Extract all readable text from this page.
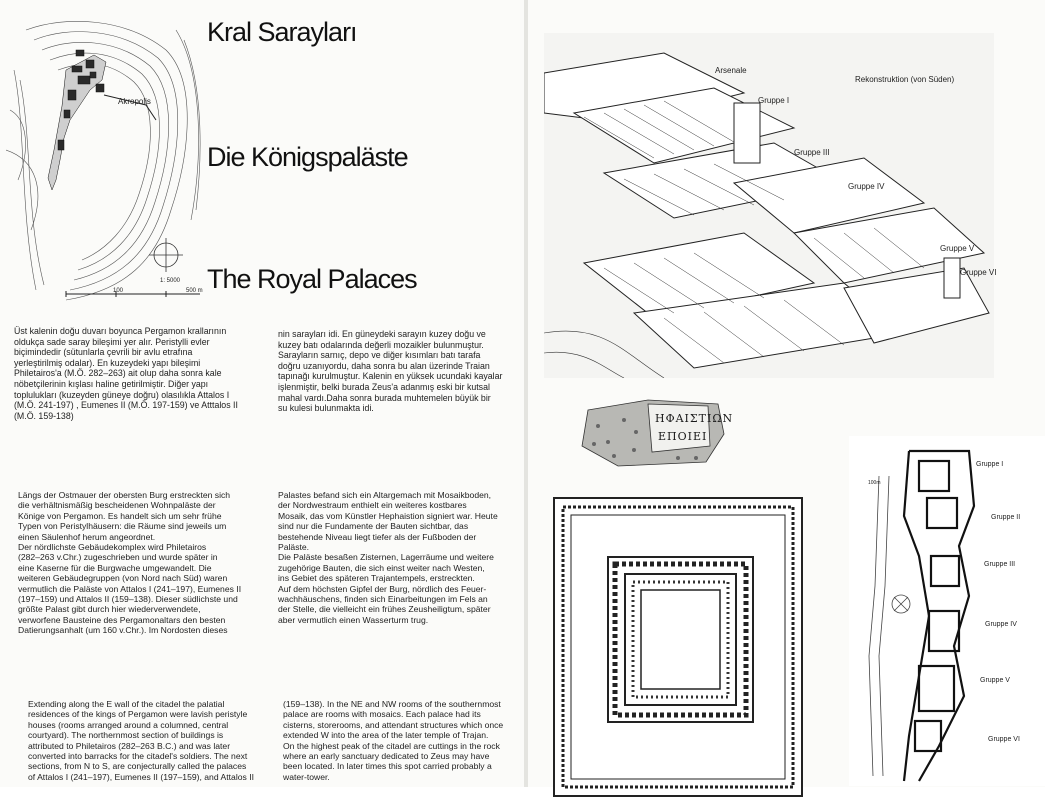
Akropolis
1: 5000
100	500 m
Kral Sarayları
Die Königspaläste
The Royal Palaces

Üst kalenin doğu duvarı boyunca Pergamon krallarının
oldukça sade saray bileşimi yer alır. Peristylli evler
biçimindedir (sütunlarla çevrili bir avlu etrafına
yerleştirilmiş odalar). En kuzeydeki yapı bileşimi
Philetairos'a (M.Ö. 282–263) ait olup daha sonra kale
nöbetçilerinin kışlası haline getirilmiştir. Diğer yapı
toplulukları (kuzeyden güneye doğru) olasılıkla Attalos I
(M.Ö. 241-197) , Eumenes II (M.Ö. 197-159) ve Atttalos II
(M.Ö. 159-138)

nin sarayları idi. En güneydeki sarayın kuzey doğu ve
kuzey batı odalarında değerli mozaikler bulunmuştur.
Sarayların sarnıç, depo ve diğer kısımları batı tarafa
doğru uzanıyordu, daha sonra bu alan üzerinde Traian
tapınağı kurulmuştur. Kalenin en yüksek ucundaki kayalar
işlenmiştir, belki burada Zeus'a adanmış eski bir kutsal
mahal vardı.Daha sonra burada muhtemelen büyük bir
su kulesi bulunmakta idi.

Längs der Ostmauer der obersten Burg erstreckten sich
die verhältnismäßig bescheidenen Wohnpaläste der
Könige von Pergamon. Es handelt sich um sehr frühe
Typen von Peristylhäusern: die Räume sind jeweils um
einen Säulenhof herum angeordnet.
Der nördlichste Gebäudekomplex wird Philetairos
(282–263 v.Chr.) zugeschrieben und wurde später in
eine Kaserne für die Burgwache umgewandelt. Die
weiteren Gebäudegruppen (von Nord nach Süd) waren
vermutlich die Paläste von Attalos I (241–197), Eumenes II
(197–159) und Attalos II (159–138). Dieser südlichste und
größte Palast gibt durch hier wiederverwendete,
verworfene Bausteine des Pergamonaltars den besten
Datierungsanhalt (um 160 v.Chr.). Im Nordosten dieses

Palastes befand sich ein Altargemach mit Mosaikboden,
der Nordwestraum enthielt ein weiteres kostbares
Mosaik, das vom Künstler Hephaistion signiert war. Heute
sind nur die Fundamente der Bauten sichtbar, das
bestehende Niveau liegt tiefer als der Fußboden der
Paläste.
Die Paläste besaßen Zisternen, Lagerräume und weitere
zugehörige Bauten, die sich einst weiter nach Westen,
ins Gebiet des späteren Trajantempels, erstreckten.
Auf dem höchsten Gipfel der Burg, nördlich des Feuer-
wachhäuschens, finden sich Einarbeitungen im Fels an
der Stelle, die vielleicht ein frühes Zeusheiligtum, später
aber vermutlich einen Wasserturm trug.

Extending along the E wall of the citadel the palatial
residences of the kings of Pergamon were lavish peristyle
houses (rooms arranged around a columned, central
courtyard). The northernmost section of buildings is
attributed to Philetairos (282–263 B.C.) and was later
converted into barracks for the citadel's soldiers. The next
sections, from N to S, are conjecturally called the palaces
of Attalos I (241–197), Eumenes II (197–159), and Attalos II

(159–138). In the NE and NW rooms of the southernmost
palace are rooms with mosaics. Each palace had its
cisterns, storerooms, and attendant structures which once
extended W into the area of the later temple of Trajan.
On the highest peak of the citadel are cuttings in the rock
where an early sanctuary dedicated to Zeus may have
been located. In later times this spot carried probably a
water-tower.

Arsenale
Rekonstruktion (von Süden)
Gruppe I
Gruppe III
Gruppe IV
Gruppe V
Gruppe VI
ΗΦΑΙΣΤΙΩΝ
ΕΠΟΙΕΙ
Gruppe I
Gruppe II
Gruppe III
Gruppe IV
Gruppe V
Gruppe VI
100m
